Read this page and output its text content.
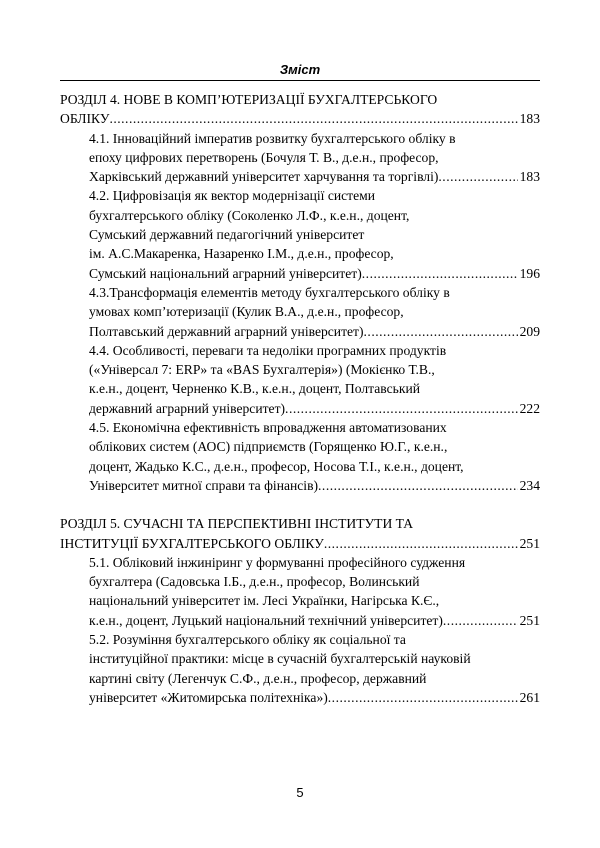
Зміст
РОЗДІЛ 4. НОВЕ В КОМП’ЮТЕРИЗАЦІЇ БУХГАЛТЕРСЬКОГО
ОБЛІКУ .....	183
4.1. Інноваційний імператив розвитку бухгалтерського обліку в
епоху цифрових перетворень (Бочуля Т. В., д.е.н., професор,
Харківський державний університет харчування та торгівлі) .....	183
4.2. Цифровізація як вектор модернізації системи
бухгалтерського обліку (Соколенко Л.Ф., к.е.н., доцент,
Сумський державний педагогічний університет
ім. А.С.Макаренка, Назаренко І.М., д.е.н., професор,
Сумський національний аграрний університет) .....	196
4.3.Трансформація елементів методу бухгалтерського обліку в
умовах комп’ютеризації (Кулик В.А., д.е.н., професор,
Полтавський державний аграрний університет) .....	209
4.4. Особливості, переваги та недоліки програмних продуктів
(«Універсал 7: ERP» та «BAS Бухгалтерія») (Мокієнко Т.В.,
к.е.н., доцент, Черненко К.В., к.е.н., доцент, Полтавський
державний аграрний університет) .....	222
4.5. Економічна ефективність впровадження автоматизованих
облікових систем (АОС) підприємств (Горященко Ю.Г., к.е.н.,
доцент, Жадько К.С., д.е.н., професор, Носова Т.І., к.е.н., доцент,
Університет митної справи та фінансів) .....	234
РОЗДІЛ 5. СУЧАСНІ ТА ПЕРСПЕКТИВНІ ІНСТИТУТИ ТА
ІНСТИТУЦІЇ БУХГАЛТЕРСЬКОГО ОБЛІКУ .....	251
5.1. Обліковий інжиніринг у формуванні професійного судження
бухгалтера (Садовська І.Б., д.е.н., професор, Волинський
національний університет ім. Лесі Українки, Нагірська К.Є.,
к.е.н., доцент, Луцький національний технічний університет) .....	251
5.2. Розуміння бухгалтерського обліку як соціальної та
інституційної практики: місце в сучасній бухгалтерській науковій
картині світу (Легенчук С.Ф., д.е.н., професор, державний
університет «Житомирська політехніка») .....	261
5
